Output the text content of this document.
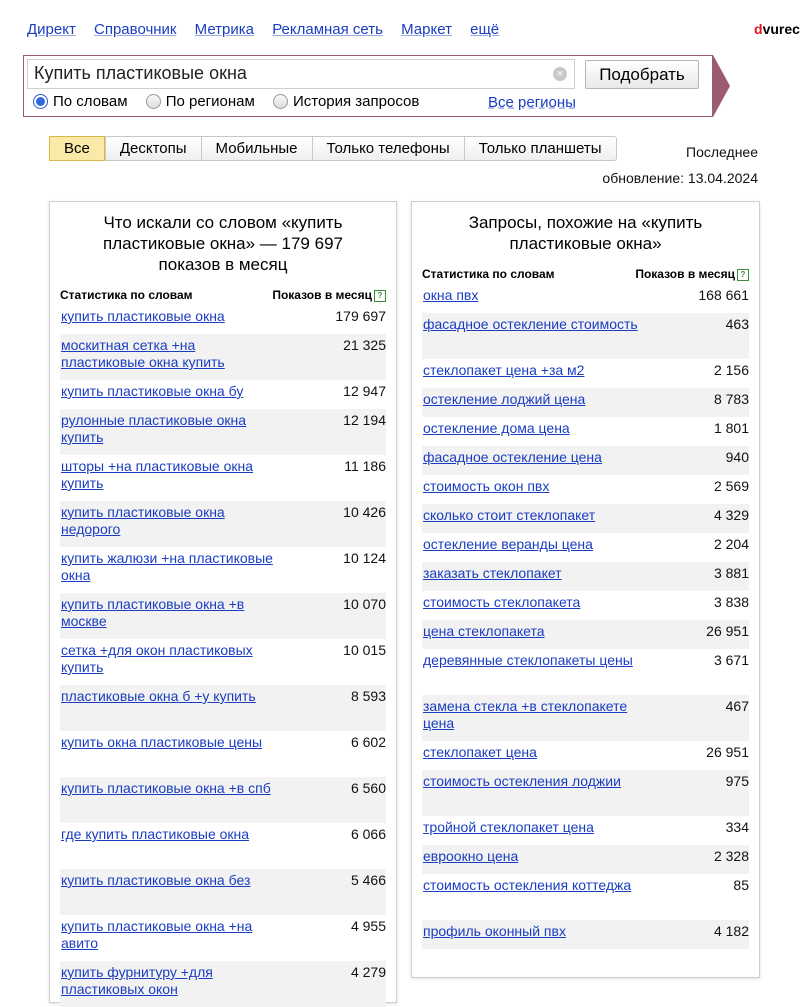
Директ Справочник Метрика Рекламная сеть Маркет ещё	dvurec
Купить пластиковые окна	×	Подобрать
По словам
	По регионам
	История запросов	Все регионы
Все	Десктопы	Мобильные	Только телефоны	Только планшеты	Последнее
обновление: 13.04.2024
Что искали со словом «купить пластиковые окна» — 179 697 показов в месяц
Статистика по словам	Показов в месяц ?
купить пластиковые окна	179 697
москитная сетка +на пластиковые окна купить
21 325
купить пластиковые окна бу	12 947
рулонные пластиковые окна купить
12 194
шторы +на пластиковые окна купить
11 186
купить пластиковые окна недорого
10 426
купить жалюзи +на пластиковые окна
10 124
купить пластиковые окна +в москве
10 070
сетка +для окон пластиковых купить
10 015
пластиковые окна б +у купить	8 593
купить окна пластиковые цены	6 602
купить пластиковые окна +в спб	6 560
где купить пластиковые окна	6 066
купить пластиковые окна без	5 466
купить пластиковые окна +на авито
4 955
купить фурнитуру +для пластиковых окон
4 279
Запросы, похожие на «купить пластиковые окна»
Статистика по словам	Показов в месяц ?
окна пвх	168 661
фасадное остекление стоимость	463
стеклопакет цена +за м2	2 156
остекление лоджий цена	8 783
остекление дома цена	1 801
фасадное остекление цена	940
стоимость окон пвх	2 569
сколько стоит стеклопакет	4 329
остекление веранды цена	2 204
заказать стеклопакет	3 881
стоимость стеклопакета	3 838
цена стеклопакета	26 951
деревянные стеклопакеты цены	3 671
замена стекла +в стеклопакете цена
467
стеклопакет цена	26 951
стоимость остекления лоджии	975
тройной стеклопакет цена	334
евроокно цена	2 328
стоимость остекления коттеджа	85
профиль оконный пвх	4 182
